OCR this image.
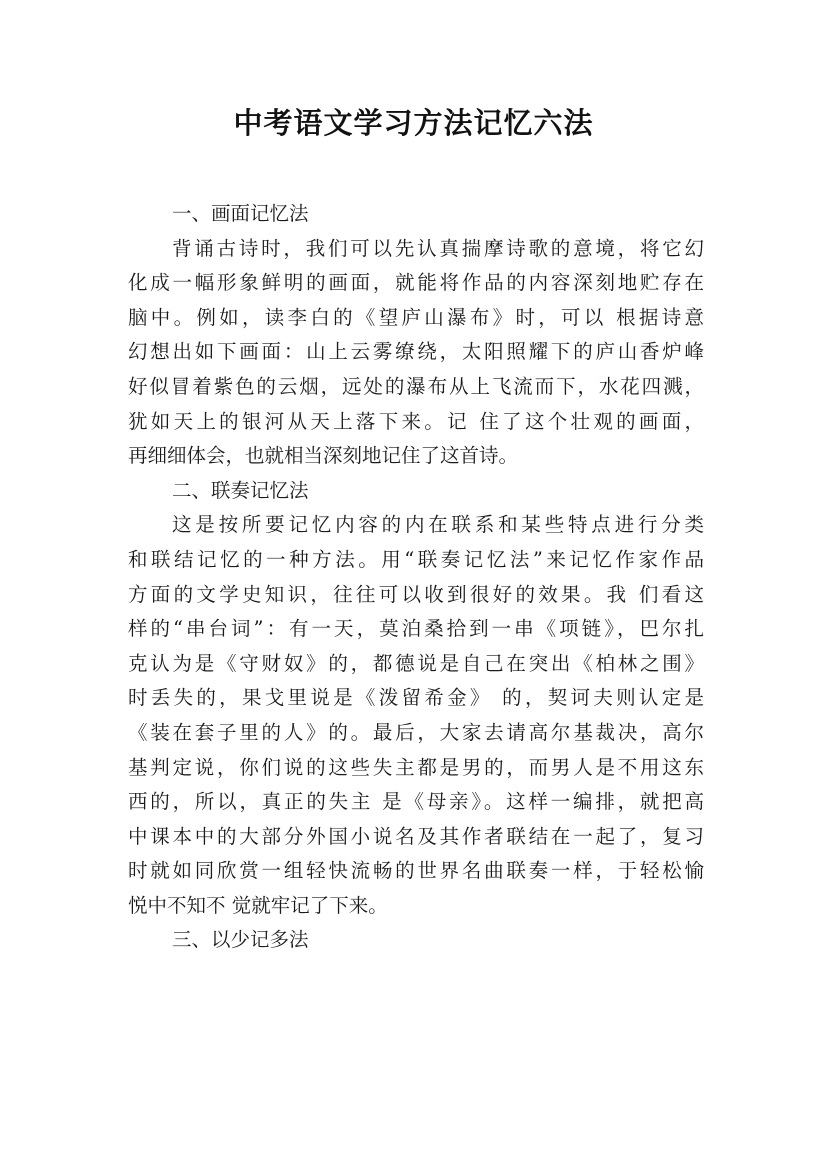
中考语文学习方法记忆六法
一、画面记忆法
背诵古诗时，我们可以先认真揣摩诗歌的意境，将它幻
化成一幅形象鲜明的画面，就能将作品的内容深刻地贮存在
脑中。例如，读李白的《望庐山瀑布》时，可以 根据诗意
幻想出如下画面：山上云雾缭绕，太阳照耀下的庐山香炉峰
好似冒着紫色的云烟，远处的瀑布从上飞流而下，水花四溅，
犹如天上的银河从天上落下来。记 住了这个壮观的画面，
再细细体会，也就相当深刻地记住了这首诗。
二、联奏记忆法
这是按所要记忆内容的内在联系和某些特点进行分类
和联结记忆的一种方法。用“联奏记忆法”来记忆作家作品
方面的文学史知识，往往可以收到很好的效果。我 们看这
样的“串台词”：有一天，莫泊桑拾到一串《项链》，巴尔扎
克认为是《守财奴》的，都德说是自己在突出《柏林之围》
时丢失的，果戈里说是《泼留希金》 的，契诃夫则认定是
《装在套子里的人》的。最后，大家去请高尔基裁决，高尔
基判定说，你们说的这些失主都是男的，而男人是不用这东
西的，所以，真正的失主 是《母亲》。这样一编排，就把高
中课本中的大部分外国小说名及其作者联结在一起了，复习
时就如同欣赏一组轻快流畅的世界名曲联奏一样，于轻松愉
悦中不知不 觉就牢记了下来。
三、以少记多法
